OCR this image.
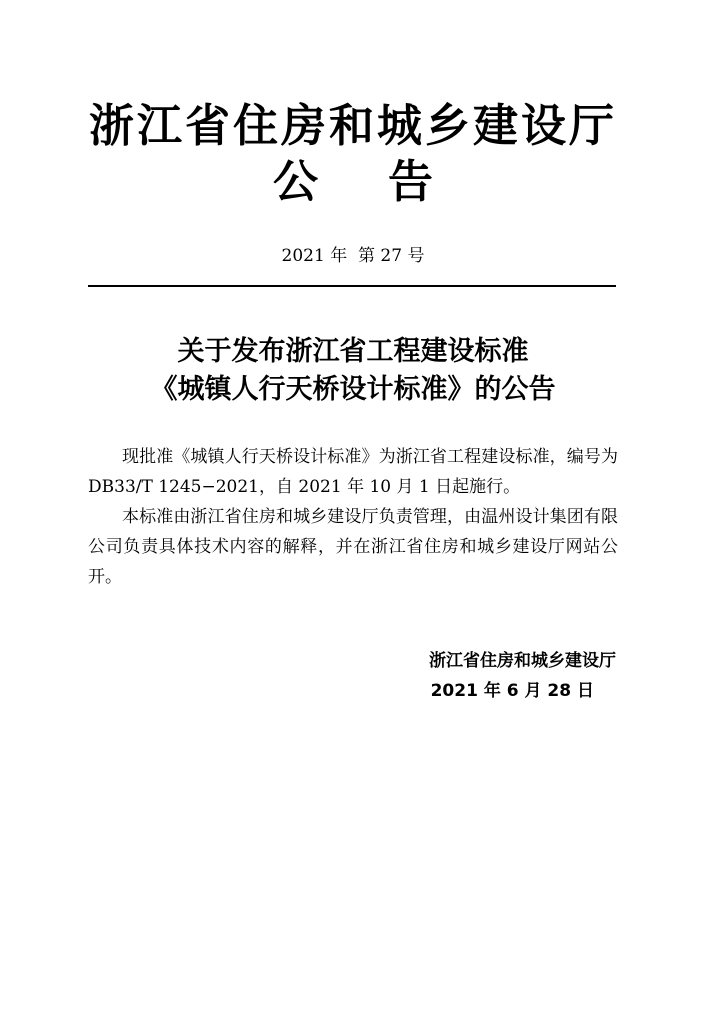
浙江省住房和城乡建设厅
公 告
2021 年  第 27 号
关于发布浙江省工程建设标准
《城镇人行天桥设计标准》的公告

现批准《城镇人行天桥设计标准》为浙江省工程建设标准，编号为 DB33/T 1245−2021，自 2021 年 10 月 1 日起施行。

本标准由浙江省住房和城乡建设厅负责管理，由温州设计集团有限公司负责具体技术内容的解释，并在浙江省住房和城乡建设厅网站公开。

浙江省住房和城乡建设厅
2021 年 6 月 28 日
